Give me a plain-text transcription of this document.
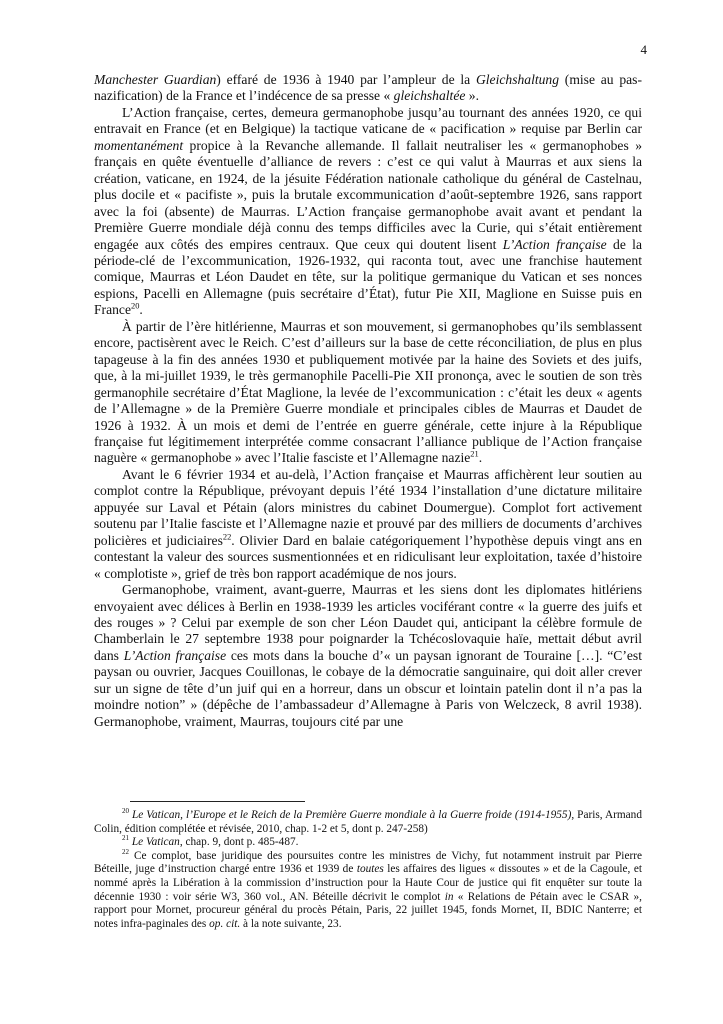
4

Manchester Guardian) effaré de 1936 à 1940 par l’ampleur de la Gleichshaltung (mise au pas-nazification) de la France et l’indécence de sa presse « gleichshaltée ».

L’Action française, certes, demeura germanophobe jusqu’au tournant des années 1920, ce qui entravait en France (et en Belgique) la tactique vaticane de « pacification » requise par Berlin car momentanément propice à la Revanche allemande. Il fallait neutraliser les « germanophobes » français en quête éventuelle d’alliance de revers : c’est ce qui valut à Maurras et aux siens la création, vaticane, en 1924, de la jésuite Fédération nationale catholique du général de Castelnau, plus docile et « pacifiste », puis la brutale excommunication d’août-septembre 1926, sans rapport avec la foi (absente) de Maurras. L’Action française germanophobe avait avant et pendant la Première Guerre mondiale déjà connu des temps difficiles avec la Curie, qui s’était entièrement engagée aux côtés des empires centraux. Que ceux qui doutent lisent L’Action française de la période-clé de l’excommunication, 1926-1932, qui raconta tout, avec une franchise hautement comique, Maurras et Léon Daudet en tête, sur la politique germanique du Vatican et ses nonces espions, Pacelli en Allemagne (puis secrétaire d’État), futur Pie XII, Maglione en Suisse puis en France$^{20}$.

À partir de l’ère hitlérienne, Maurras et son mouvement, si germanophobes qu’ils semblassent encore, pactisèrent avec le Reich. C’est d’ailleurs sur la base de cette réconciliation, de plus en plus tapageuse à la fin des années 1930 et publiquement motivée par la haine des Soviets et des juifs, que, à la mi-juillet 1939, le très germanophile Pacelli-Pie XII prononça, avec le soutien de son très germanophile secrétaire d’État Maglione, la levée de l’excommunication : c’était les deux « agents de l’Allemagne » de la Première Guerre mondiale et principales cibles de Maurras et Daudet de 1926 à 1932. À un mois et demi de l’entrée en guerre générale, cette injure à la République française fut légitimement interprétée comme consacrant l’alliance publique de l’Action française naguère « germanophobe » avec l’Italie fasciste et l’Allemagne nazie$^{21}$.

Avant le 6 février 1934 et au-delà, l’Action française et Maurras affichèrent leur soutien au complot contre la République, prévoyant depuis l’été 1934 l’installation d’une dictature militaire appuyée sur Laval et Pétain (alors ministres du cabinet Doumergue). Complot fort activement soutenu par l’Italie fasciste et l’Allemagne nazie et prouvé par des milliers de documents d’archives policières et judiciaires$^{22}$. Olivier Dard en balaie catégoriquement l’hypothèse depuis vingt ans en contestant la valeur des sources susmentionnées et en ridiculisant leur exploitation, taxée d’histoire « complotiste », grief de très bon rapport académique de nos jours.

Germanophobe, vraiment, avant-guerre, Maurras et les siens dont les diplomates hitlériens envoyaient avec délices à Berlin en 1938-1939 les articles vociférant contre « la guerre des juifs et des rouges » ? Celui par exemple de son cher Léon Daudet qui, anticipant la célèbre formule de Chamberlain le 27 septembre 1938 pour poignarder la Tchécoslovaquie haïe, mettait début avril dans L’Action française ces mots dans la bouche d’« un paysan ignorant de Touraine […]. “C’est paysan ou ouvrier, Jacques Couillonas, le cobaye de la démocratie sanguinaire, qui doit aller crever sur un signe de tête d’un juif qui en a horreur, dans un obscur et lointain patelin dont il n’a pas la moindre notion” » (dépêche de l’ambassadeur d’Allemagne à Paris von Welczeck, 8 avril 1938). Germanophobe, vraiment, Maurras, toujours cité par une

$^{20}$ Le Vatican, l’Europe et le Reich de la Première Guerre mondiale à la Guerre froide (1914-1955), Paris, Armand Colin, édition complétée et révisée, 2010, chap. 1-2 et 5, dont p. 247-258)

$^{21}$ Le Vatican, chap. 9, dont p. 485-487.

$^{22}$ Ce complot, base juridique des poursuites contre les ministres de Vichy, fut notamment instruit par Pierre Béteille, juge d’instruction chargé entre 1936 et 1939 de toutes les affaires des ligues « dissoutes » et de la Cagoule, et nommé après la Libération à la commission d’instruction pour la Haute Cour de justice qui fit enquêter sur toute la décennie 1930 : voir série W3, 360 vol., AN. Béteille décrivit le complot in « Relations de Pétain avec le CSAR », rapport pour Mornet, procureur général du procès Pétain, Paris, 22 juillet 1945, fonds Mornet, II, BDIC Nanterre; et notes infra-paginales des op. cit. à la note suivante, 23.
